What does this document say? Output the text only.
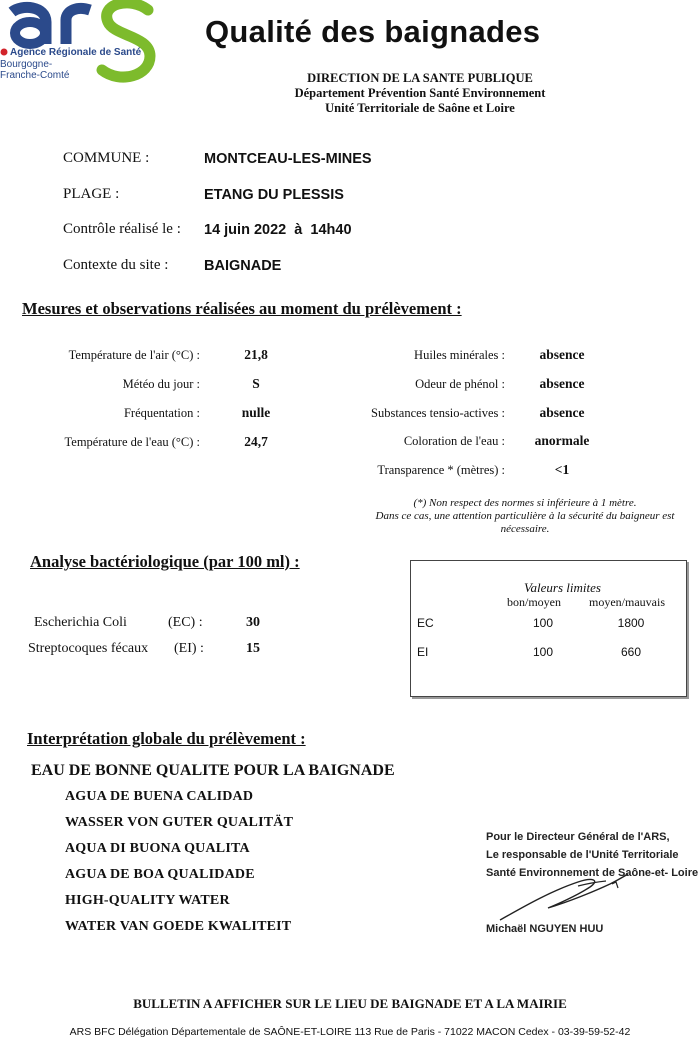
Agence Régionale de Santé
Bourgogne-
Franche-Comté
Qualité des baignades
DIRECTION DE LA SANTE PUBLIQUE
Département Prévention Santé Environnement
Unité Territoriale de Saône et Loire
COMMUNE :	MONTCEAU-LES-MINES
PLAGE :	ETANG DU PLESSIS
Contrôle réalisé le : 14 juin 2022  à  14h40
Contexte du site : BAIGNADE
Mesures et observations réalisées au moment du prélèvement :
Température de l'air (°C) :	21,8
Météo du jour :	S
Fréquentation :	nulle
Température de l'eau (°C) :	24,7
Huiles minérales :	absence
Odeur de phénol :	absence
Substances tensio-actives :	absence
Coloration de l'eau :	anormale
Transparence * (mètres) :	<1
(*) Non respect des normes si inférieure à 1 mètre.
Dans ce cas, une attention particulière à la sécurité du baigneur est
nécessaire.
Analyse bactériologique (par 100 ml) :
Escherichia Coli	(EC) :	30
Streptocoques fécaux (EI) :	15
Valeurs limites
bon/moyen moyen/mauvais
EC	100	1800
EI	100	660
Interprétation globale du prélèvement :
EAU DE BONNE QUALITE POUR LA BAIGNADE
AGUA DE BUENA CALIDAD
WASSER VON GUTER QUALITÄT
AQUA DI BUONA QUALITA
AGUA DE BOA QUALIDADE
HIGH-QUALITY WATER
WATER VAN GOEDE KWALITEIT
Pour le Directeur Général de l'ARS,
Le responsable de l'Unité Territoriale
Santé Environnement de Saône-et- Loire
Michaël NGUYEN HUU
BULLETIN A AFFICHER SUR LE LIEU DE BAIGNADE ET A LA MAIRIE
ARS BFC Délégation Départementale de SAÔNE-ET-LOIRE 113 Rue de Paris - 71022 MACON Cedex - 03-39-59-52-42
